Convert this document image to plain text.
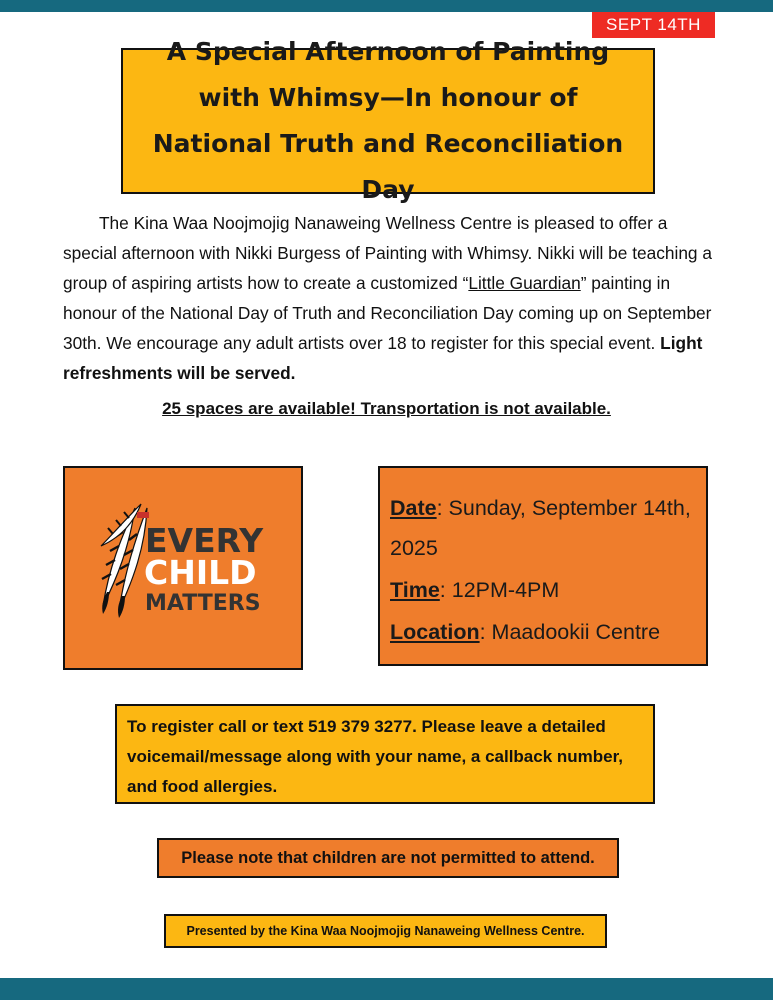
SEPT 14TH
A Special Afternoon of Painting with Whimsy—In honour of National Truth and Reconciliation Day

The Kina Waa Noojmojig Nanaweing Wellness Centre is pleased to offer a special afternoon with Nikki Burgess of Painting with Whimsy. Nikki will be teaching a group of aspiring artists how to create a customized “Little Guardian” painting in honour of the National Day of Truth and Reconciliation Day coming up on September 30th. We encourage any adult artists over 18 to register for this special event. Light refreshments will be served.

25 spaces are available! Transportation is not available.
EVERY
CHILD
MATTERS
Date: Sunday, September 14th, 2025
Time: 12PM-4PM
Location: Maadookii Centre
To register call or text 519 379 3277. Please leave a detailed voicemail/message along with your name, a callback number, and food allergies.
Please note that children are not permitted to attend.
Presented by the Kina Waa Noojmojig Nanaweing Wellness Centre.
